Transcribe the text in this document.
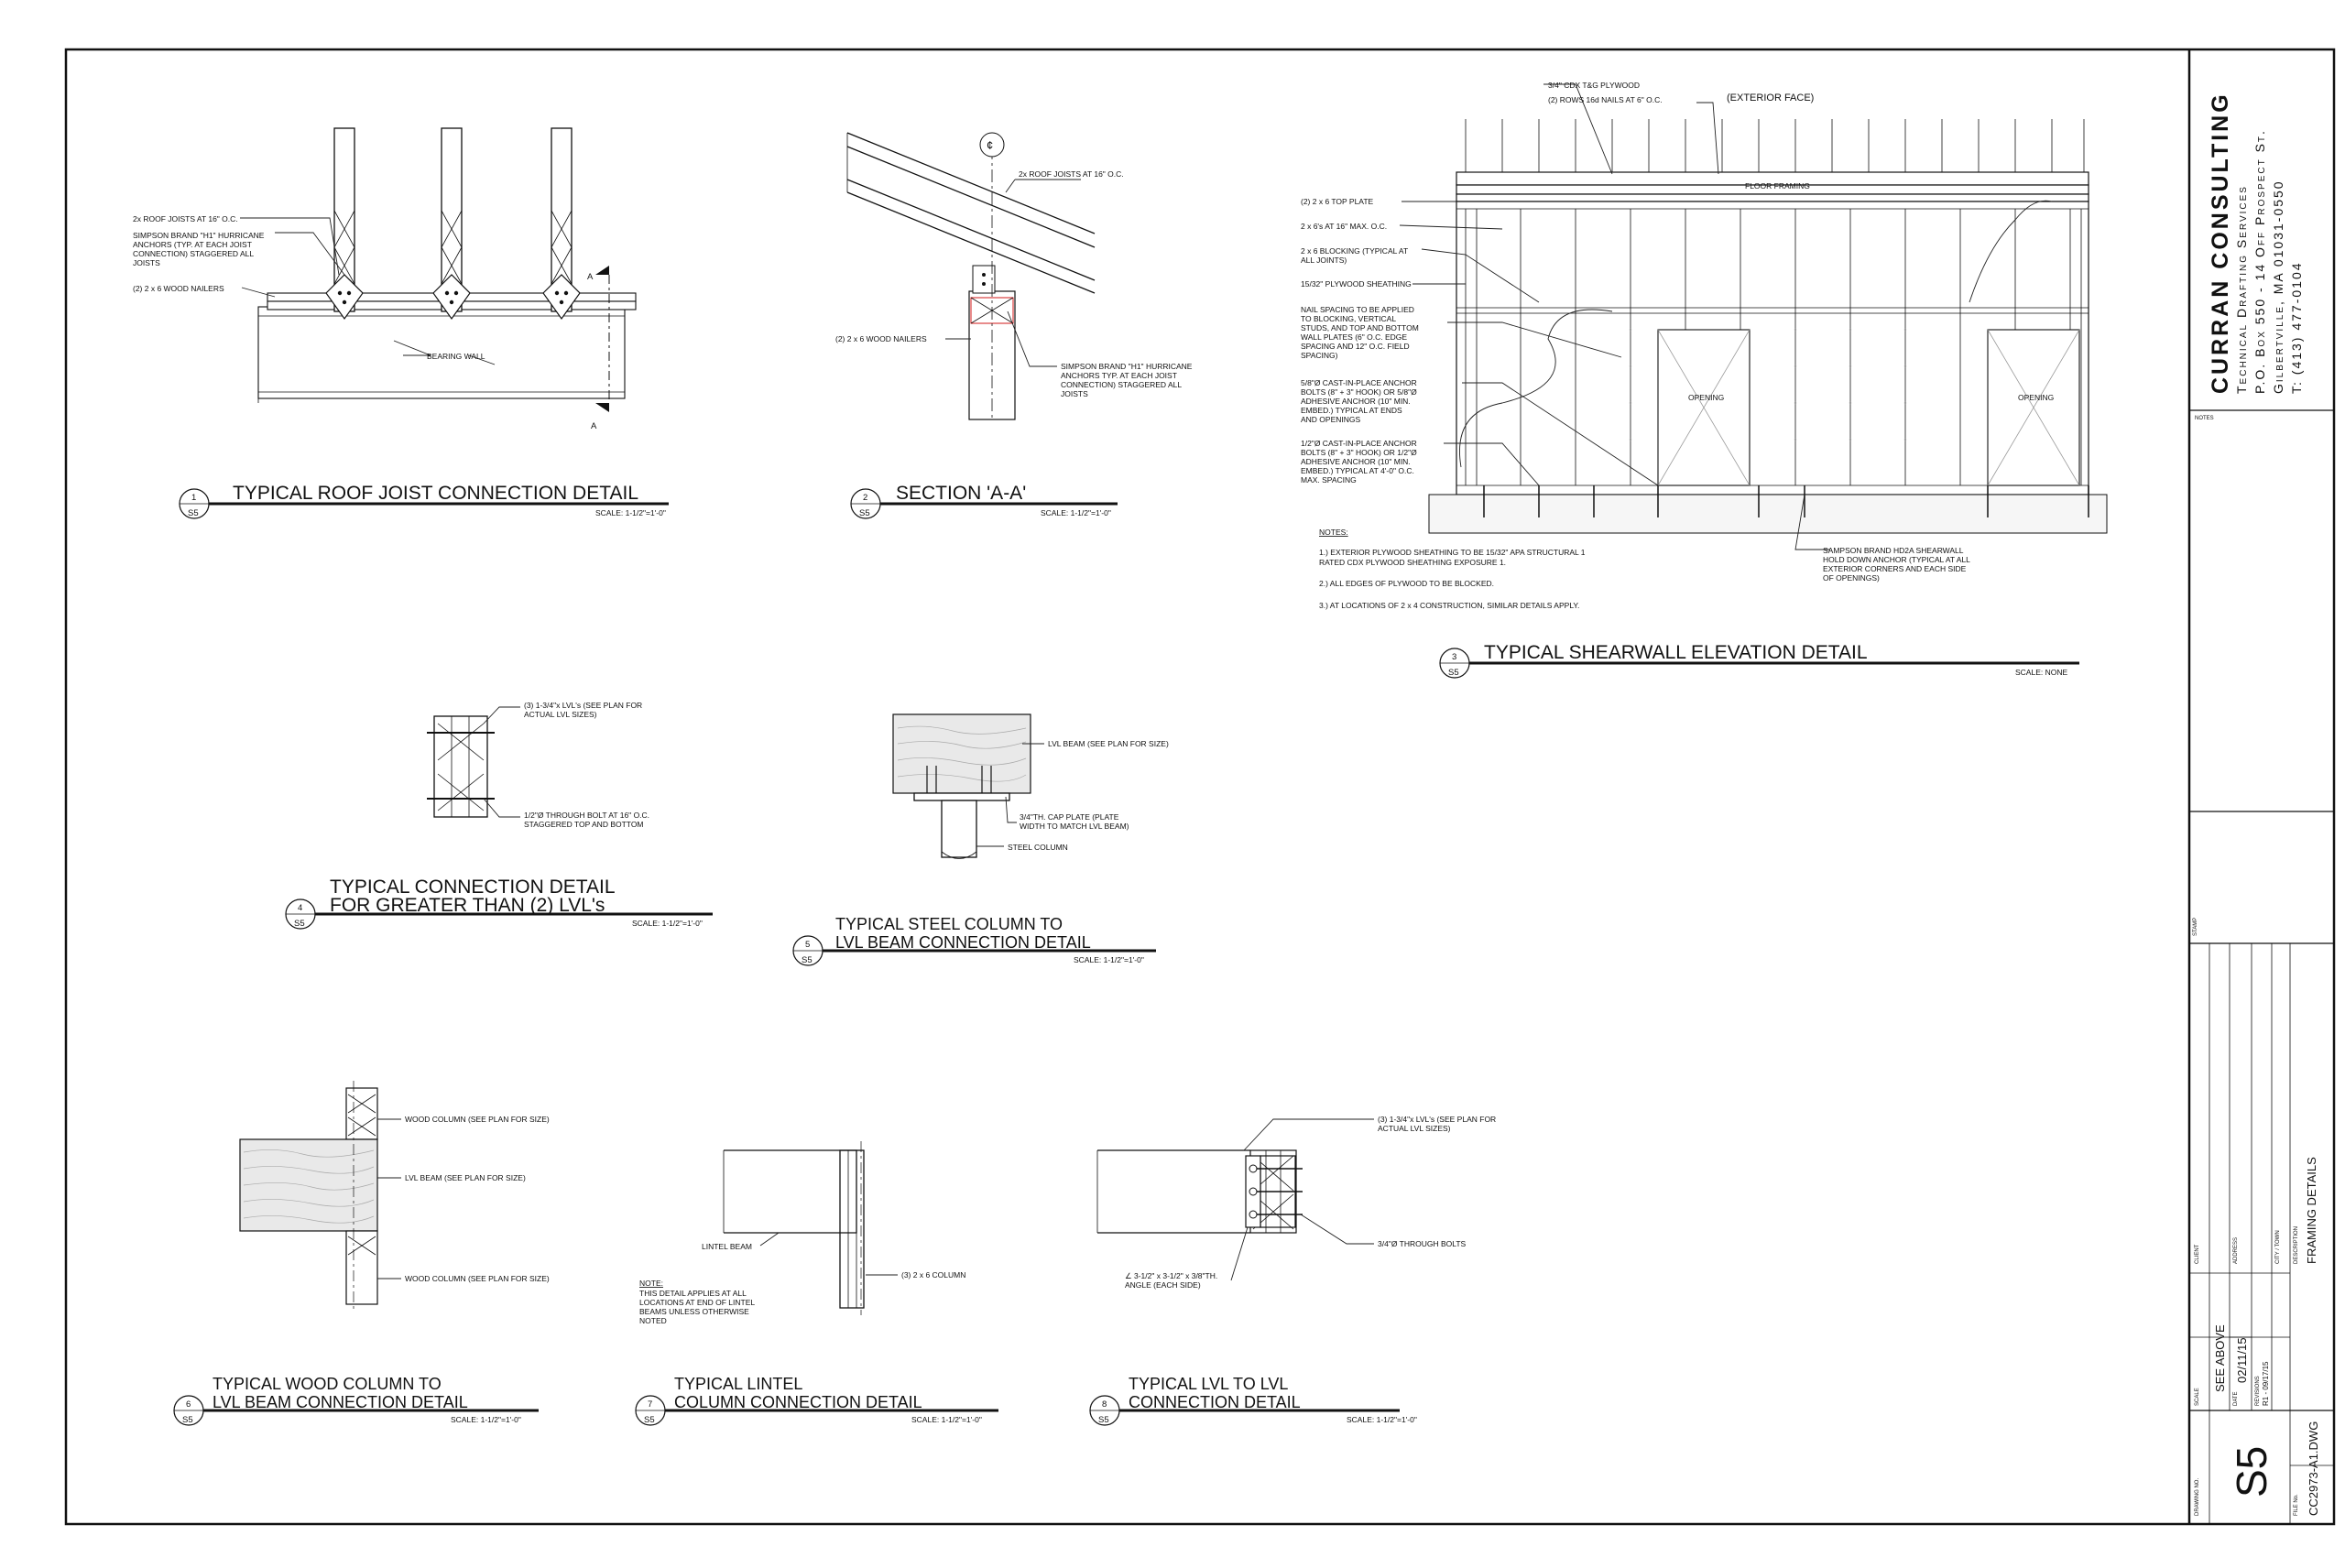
CURRAN CONSULTING Technical Drafting Services P.O. Box 550 - 14 Off Prospect St. Gilbertville, MA 01031-0550 T: (413) 477-0104
NOTES
STAMP
CLIENT	ADDRESS	CITY / TOWN DESCRIPTION FRAMING DETAILS
SCALE
SEE ABOVE
DATE
02/11/15
REVISIONS R1 - 09/17/15
DRAWING NO. S5
FILE No. CC2973-A1.DWG
A
A
2x ROOF JOISTS AT 16" O.C.
SIMPSON BRAND "H1" HURRICANE
ANCHORS (TYP. AT EACH JOIST
CONNECTION) STAGGERED ALL
JOISTS
(2) 2 x 6 WOOD NAILERS
BEARING WALL
¢
2x ROOF JOISTS AT 16" O.C.
(2) 2 x 6 WOOD NAILERS
SIMPSON BRAND "H1" HURRICANE
ANCHORS TYP. AT EACH JOIST
CONNECTION) STAGGERED ALL
JOISTS	OPENING	OPENING
3/4" CDX T&G PLYWOOD
(2) ROWS 16d NAILS AT 6" O.C.	(EXTERIOR FACE)
FLOOR FRAMING
(2) 2 x 6 TOP PLATE
2 x 6's AT 16" MAX. O.C.
2 x 6 BLOCKING (TYPICAL AT
ALL JOINTS)
15/32" PLYWOOD SHEATHING
NAIL SPACING TO BE APPLIED
TO BLOCKING, VERTICAL
STUDS, AND TOP AND BOTTOM
WALL PLATES (6" O.C. EDGE
SPACING AND 12" O.C. FIELD
SPACING)
5/8"Ø CAST-IN-PLACE ANCHOR
BOLTS (8" + 3" HOOK) OR 5/8"Ø
ADHESIVE ANCHOR (10" MIN.
EMBED.) TYPICAL AT ENDS
AND OPENINGS
1/2"Ø CAST-IN-PLACE ANCHOR
BOLTS (8" + 3" HOOK) OR 1/2"Ø
ADHESIVE ANCHOR (10" MIN.
EMBED.) TYPICAL AT 4'-0" O.C.
MAX. SPACING
SAMPSON BRAND HD2A SHEARWALL
HOLD DOWN ANCHOR (TYPICAL AT ALL
EXTERIOR CORNERS AND EACH SIDE
OF OPENINGS)
NOTES:
1.) EXTERIOR PLYWOOD SHEATHING TO BE 15/32" APA STRUCTURAL 1
RATED CDX PLYWOOD SHEATHING EXPOSURE 1.
2.) ALL EDGES OF PLYWOOD TO BE BLOCKED.
3.) AT LOCATIONS OF 2 x 4 CONSTRUCTION, SIMILAR DETAILS APPLY.
(3) 1-3/4"x LVL's (SEE PLAN FOR
ACTUAL LVL SIZES)
1/2"Ø THROUGH BOLT AT 16" O.C.
STAGGERED TOP AND BOTTOM
LVL BEAM (SEE PLAN FOR SIZE)
3/4"TH. CAP PLATE (PLATE
WIDTH TO MATCH LVL BEAM)
STEEL COLUMN
WOOD COLUMN (SEE PLAN FOR SIZE)
LVL BEAM (SEE PLAN FOR SIZE)
WOOD COLUMN (SEE PLAN FOR SIZE)
LINTEL BEAM
(3) 2 x 6 COLUMN
NOTE:
THIS DETAIL APPLIES AT ALL
LOCATIONS AT END OF LINTEL
BEAMS UNLESS OTHERWISE
NOTED
(3) 1-3/4"x LVL's (SEE PLAN FOR
ACTUAL LVL SIZES)
3/4"Ø THROUGH BOLTS
∠ 3-1/2" x 3-1/2" x 3/8"TH.
ANGLE (EACH SIDE)
1
S5
TYPICAL ROOF JOIST CONNECTION DETAIL
SCALE: 1-1/2"=1'-0"
2
S5
SECTION 'A-A'
SCALE: 1-1/2"=1'-0"
3
S5
TYPICAL SHEARWALL ELEVATION DETAIL
SCALE: NONE
4
S5
TYPICAL CONNECTION DETAIL
FOR GREATER THAN (2) LVL's
SCALE: 1-1/2"=1'-0"
5
S5
TYPICAL STEEL COLUMN TO
LVL BEAM CONNECTION DETAIL
SCALE: 1-1/2"=1'-0"
6
S5
TYPICAL WOOD COLUMN TO
LVL BEAM CONNECTION DETAIL
SCALE: 1-1/2"=1'-0"
7
S5
TYPICAL LINTEL
COLUMN CONNECTION DETAIL
SCALE: 1-1/2"=1'-0"
8
S5
TYPICAL LVL TO LVL
CONNECTION DETAIL
SCALE: 1-1/2"=1'-0"
